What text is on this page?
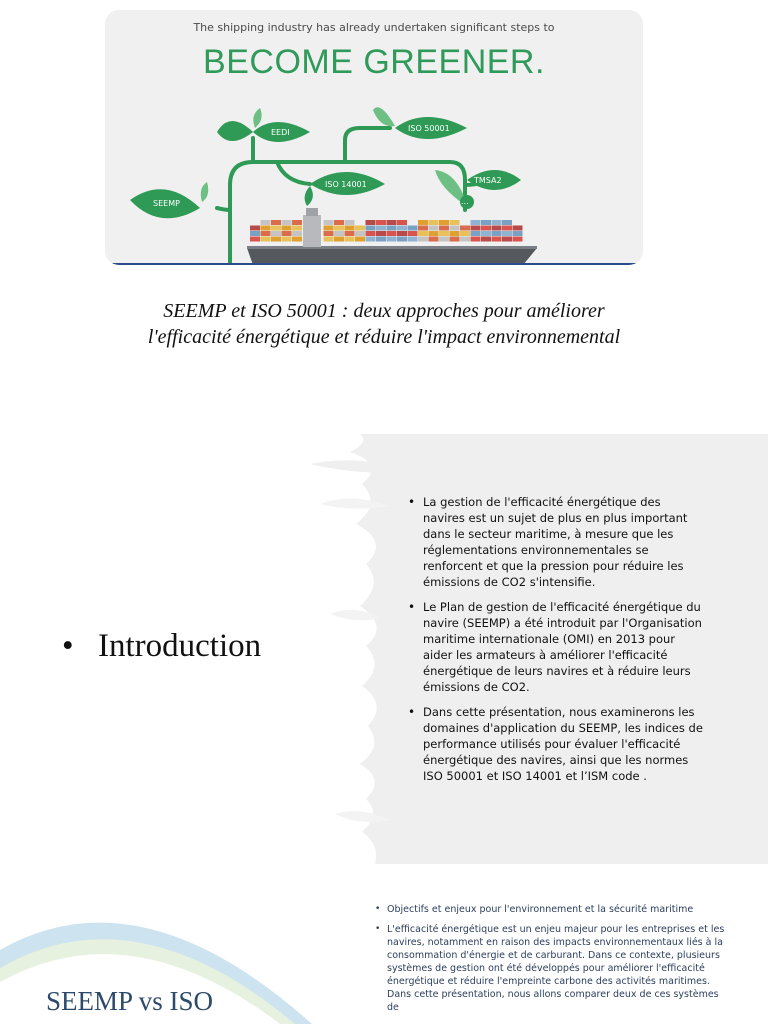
The shipping industry has already undertaken significant steps to
BECOME GREENER.
EEDI	ISO 50001
ISO 14001	TMSA2
...
SEEMP
SEEMP et ISO 50001 : deux approches pour améliorer
l'efficacité énergétique et réduire l'impact environnemental
• Introduction
• La gestion de l'efficacité énergétique des navires est un sujet de plus en plus important dans le secteur maritime, à mesure que les réglementations environnementales se renforcent et que la pression pour réduire les émissions de CO2 s'intensifie.
• Le Plan de gestion de l'efficacité énergétique du navire (SEEMP) a été introduit par l'Organisation maritime internationale (OMI) en 2013 pour aider les armateurs à améliorer l'efficacité énergétique de leurs navires et à réduire leurs émissions de CO2.
• Dans cette présentation, nous examinerons les domaines d'application du SEEMP, les indices de performance utilisés pour évaluer l'efficacité énergétique des navires, ainsi que les normes ISO 50001 et ISO 14001 et l’ISM code .
SEEMP vs ISO
• Objectifs et enjeux pour l'environnement et la sécurité maritime
• L'efficacité énergétique est un enjeu majeur pour les entreprises et les navires, notamment en raison des impacts environnementaux liés à la consommation d'énergie et de carburant. Dans ce contexte, plusieurs systèmes de gestion ont été développés pour améliorer l'efficacité énergétique et réduire l'empreinte carbone des activités maritimes. Dans cette présentation, nous allons comparer deux de ces systèmes de
